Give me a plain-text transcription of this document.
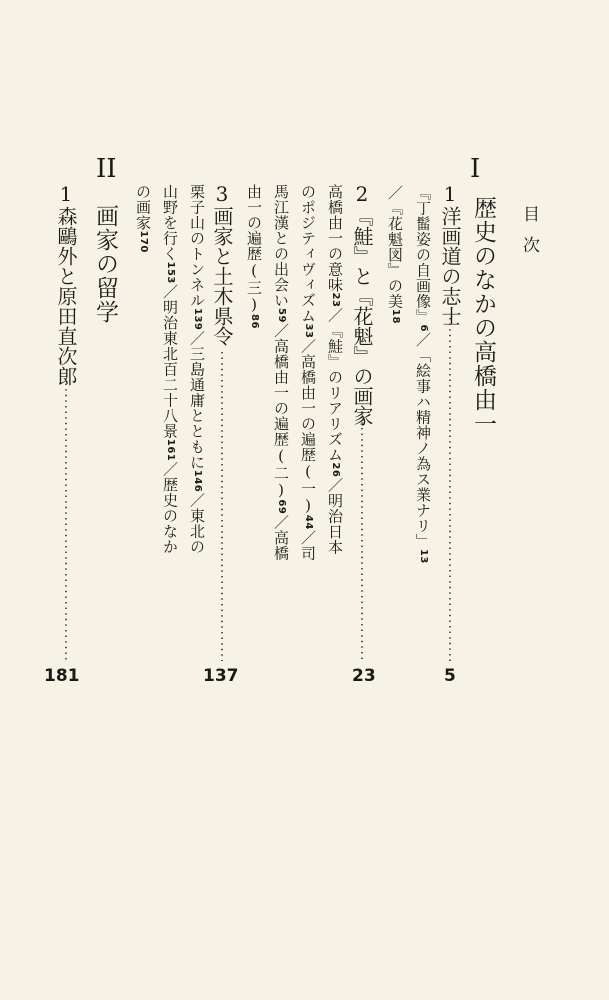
目次
I
歴史のなかの高橋由一
1洋画道の志士
5
『丁髷姿の自画像』6／「絵事ハ精神ノ為ス業ナリ」13
／『花魁図』の美18
2『鮭』と『花魁』の画家
23
高橋由一の意味23／『鮭』のリアリズム26／明治日本
のポジティヴィズム33／高橋由一の遍歴(一)44／司
馬江漢との出会い59／高橋由一の遍歴(二)69／高橋
由一の遍歴(三)86
3画家と土木県令
137
栗子山のトンネル139／三島通庸とともに146／東北の
山野を行く153／明治東北百二十八景161／歴史のなか
の画家170
II
画家の留学
1森鷗外と原田直次郎
181
